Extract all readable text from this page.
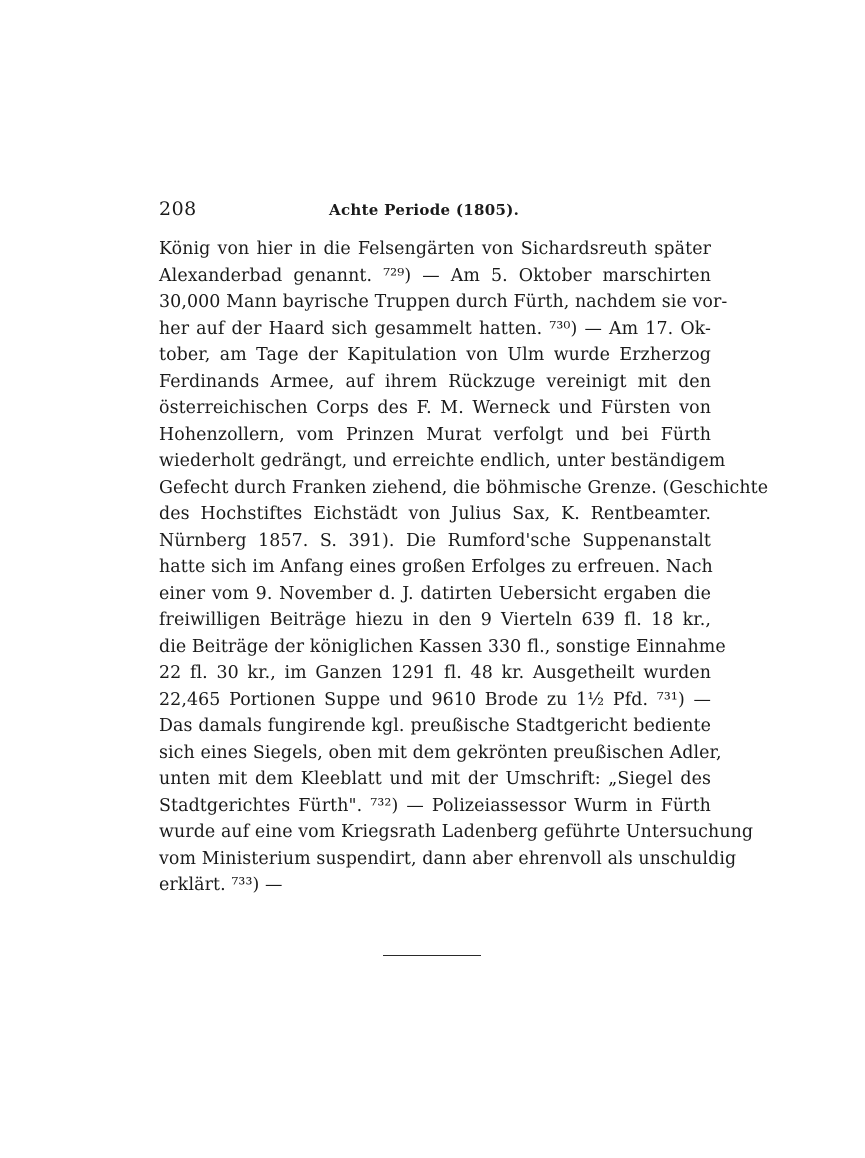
208	Achte Periode (1805).
König von hier in die Felsengärten von Sichardsreuth später
Alexanderbad genannt. ⁷²⁹) — Am 5. Oktober marschirten
30,000 Mann bayrische Truppen durch Fürth, nachdem sie vor-
her auf der Haard sich gesammelt hatten. ⁷³⁰) — Am 17. Ok-
tober, am Tage der Kapitulation von Ulm wurde Erzherzog
Ferdinands Armee, auf ihrem Rückzuge vereinigt mit den
österreichischen Corps des F. M. Werneck und Fürsten von
Hohenzollern, vom Prinzen Murat verfolgt und bei Fürth
wiederholt gedrängt, und erreichte endlich, unter beständigem
Gefecht durch Franken ziehend, die böhmische Grenze. (Geschichte
des Hochstiftes Eichstädt von Julius Sax, K. Rentbeamter.
Nürnberg 1857. S. 391). Die Rumford'sche Suppenanstalt
hatte sich im Anfang eines großen Erfolges zu erfreuen. Nach
einer vom 9. November d. J. datirten Uebersicht ergaben die
freiwilligen Beiträge hiezu in den 9 Vierteln 639 fl. 18 kr.,
die Beiträge der königlichen Kassen 330 fl., sonstige Einnahme
22 fl. 30 kr., im Ganzen 1291 fl. 48 kr. Ausgetheilt wurden
22,465 Portionen Suppe und 9610 Brode zu 1½ Pfd. ⁷³¹) —
Das damals fungirende kgl. preußische Stadtgericht bediente
sich eines Siegels, oben mit dem gekrönten preußischen Adler,
unten mit dem Kleeblatt und mit der Umschrift: „Siegel des
Stadtgerichtes Fürth". ⁷³²) — Polizeiassessor Wurm in Fürth
wurde auf eine vom Kriegsrath Ladenberg geführte Untersuchung
vom Ministerium suspendirt, dann aber ehrenvoll als unschuldig
erklärt. ⁷³³) —
